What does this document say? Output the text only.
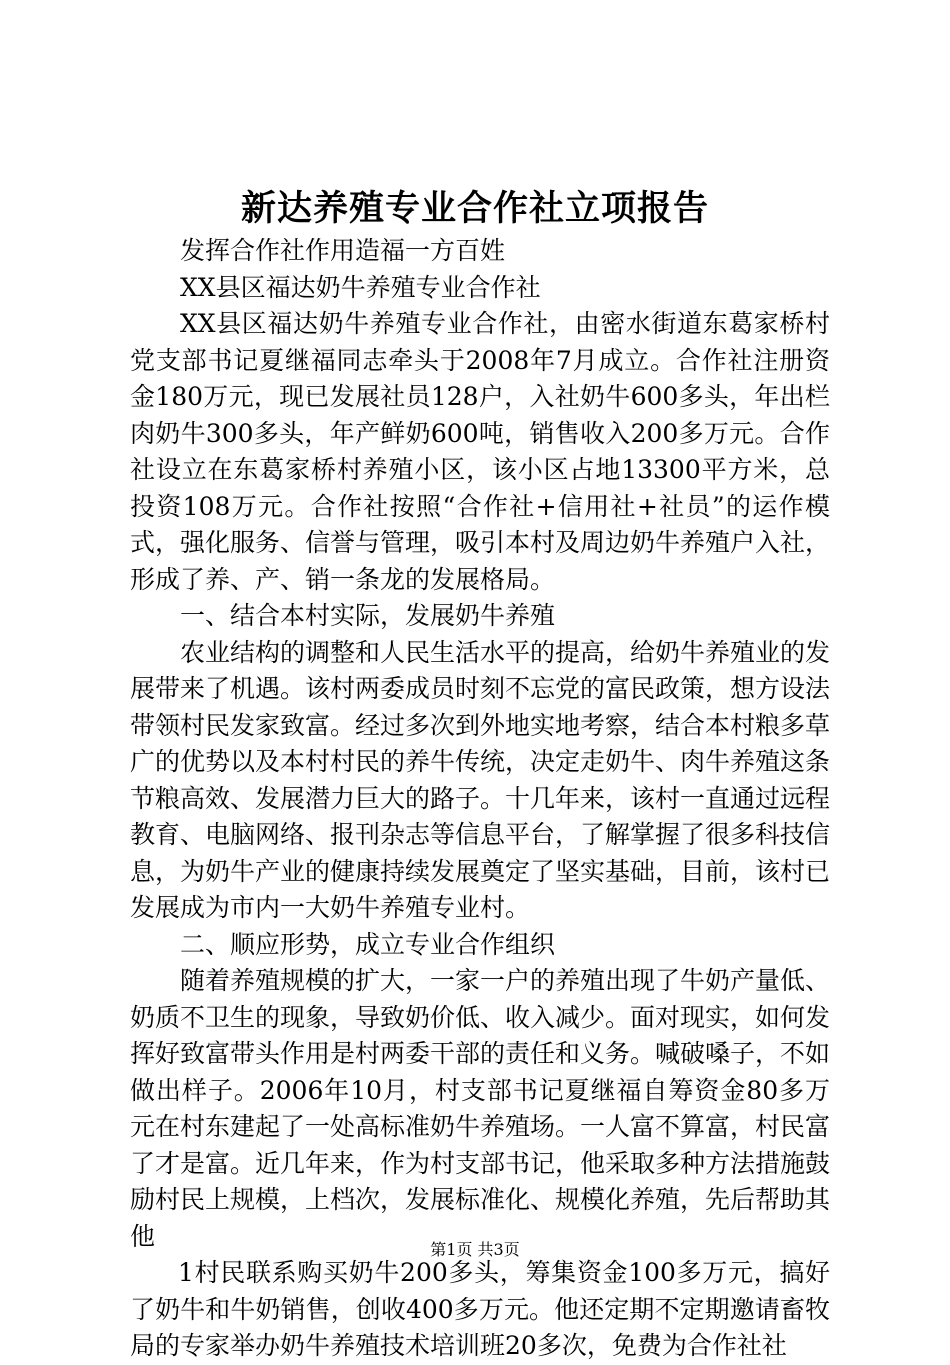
新达养殖专业合作社立项报告

发挥合作社作用造福一方百姓

XX县区福达奶牛养殖专业合作社

XX县区福达奶牛养殖专业合作社，由密水街道东葛家桥村党支部书记夏继福同志牵头于2008年7月成立。合作社注册资金180万元，现已发展社员128户，入社奶牛600多头，年出栏肉奶牛300多头，年产鲜奶600吨，销售收入200多万元。合作社设立在东葛家桥村养殖小区，该小区占地13300平方米，总投资108万元。合作社按照“合作社+信用社+社员”的运作模式，强化服务、信誉与管理，吸引本村及周边奶牛养殖户入社，形成了养、产、销一条龙的发展格局。

一、结合本村实际，发展奶牛养殖

农业结构的调整和人民生活水平的提高，给奶牛养殖业的发展带来了机遇。该村两委成员时刻不忘党的富民政策，想方设法带领村民发家致富。经过多次到外地实地考察，结合本村粮多草广的优势以及本村村民的养牛传统，决定走奶牛、肉牛养殖这条节粮高效、发展潜力巨大的路子。十几年来，该村一直通过远程教育、电脑网络、报刊杂志等信息平台，了解掌握了很多科技信息，为奶牛产业的健康持续发展奠定了坚实基础，目前，该村已发展成为市内一大奶牛养殖专业村。

二、顺应形势，成立专业合作组织

随着养殖规模的扩大，一家一户的养殖出现了牛奶产量低、奶质不卫生的现象，导致奶价低、收入减少。面对现实，如何发挥好致富带头作用是村两委干部的责任和义务。喊破嗓子，不如做出样子。2006年10月，村支部书记夏继福自筹资金80多万元在村东建起了一处高标准奶牛养殖场。一人富不算富，村民富了才是富。近几年来，作为村支部书记，他采取多种方法措施鼓励村民上规模，上档次，发展标准化、规模化养殖，先后帮助其他

1村民联系购买奶牛200多头，筹集资金100多万元，搞好了奶牛和牛奶销售，创收400多万元。他还定期不定期邀请畜牧局的专家举办奶牛养殖技术培训班20多次，免费为合作社社

第1页 共3页
